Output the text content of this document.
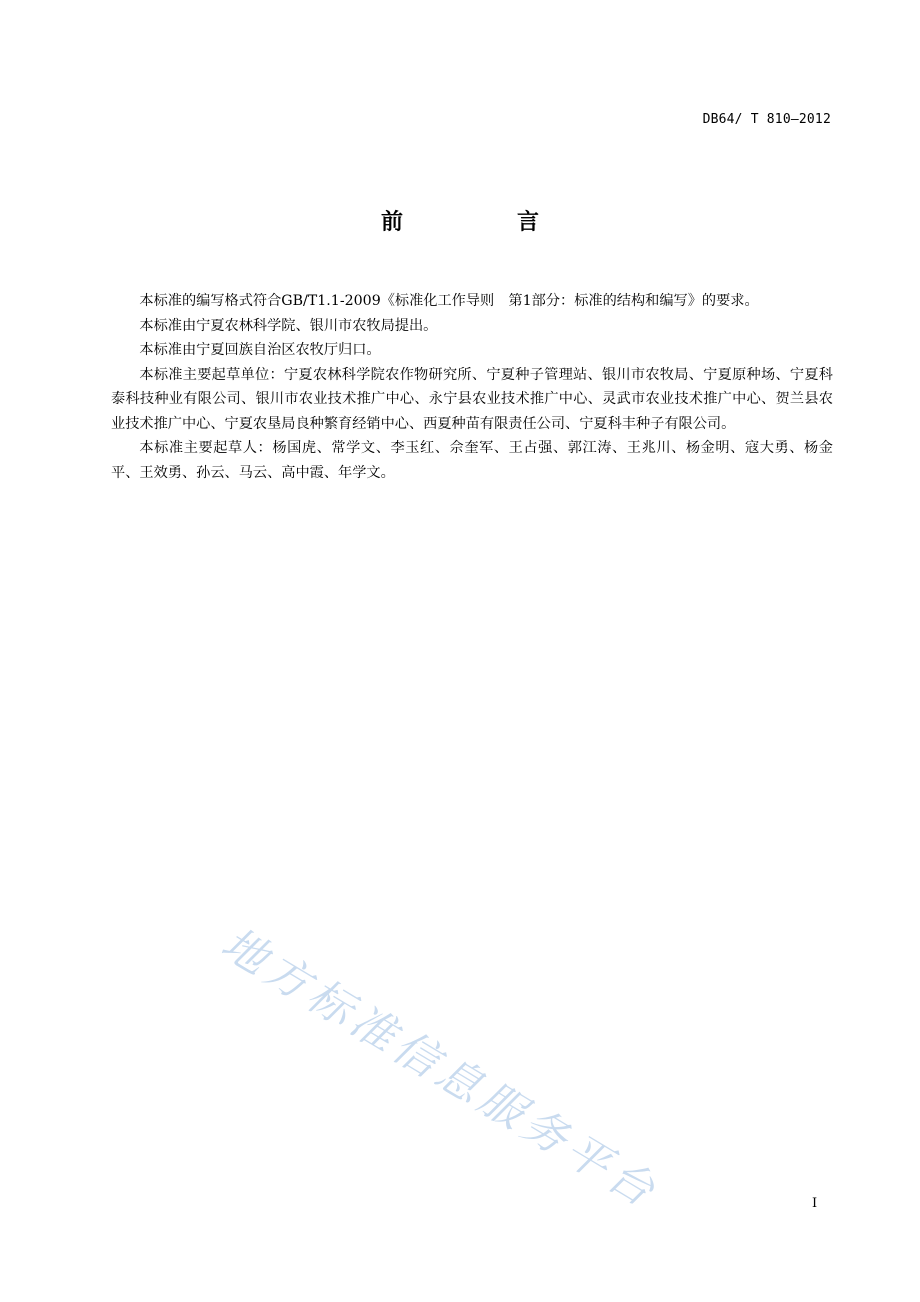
DB64/ T 810—2012
前　言

本标准的编写格式符合GB/T1.1-2009《标准化工作导则　第1部分：标准的结构和编写》的要求。

本标准由宁夏农林科学院、银川市农牧局提出。

本标准由宁夏回族自治区农牧厅归口。

本标准主要起草单位：宁夏农林科学院农作物研究所、宁夏种子管理站、银川市农牧局、宁夏原种场、宁夏科泰科技种业有限公司、银川市农业技术推广中心、永宁县农业技术推广中心、灵武市农业技术推广中心、贺兰县农业技术推广中心、宁夏农垦局良种繁育经销中心、西夏种苗有限责任公司、宁夏科丰种子有限公司。

本标准主要起草人：杨国虎、常学文、李玉红、佘奎军、王占强、郭江涛、王兆川、杨金明、寇大勇、杨金平、王效勇、孙云、马云、高中霞、年学文。

地方标准信息服务平台	I
